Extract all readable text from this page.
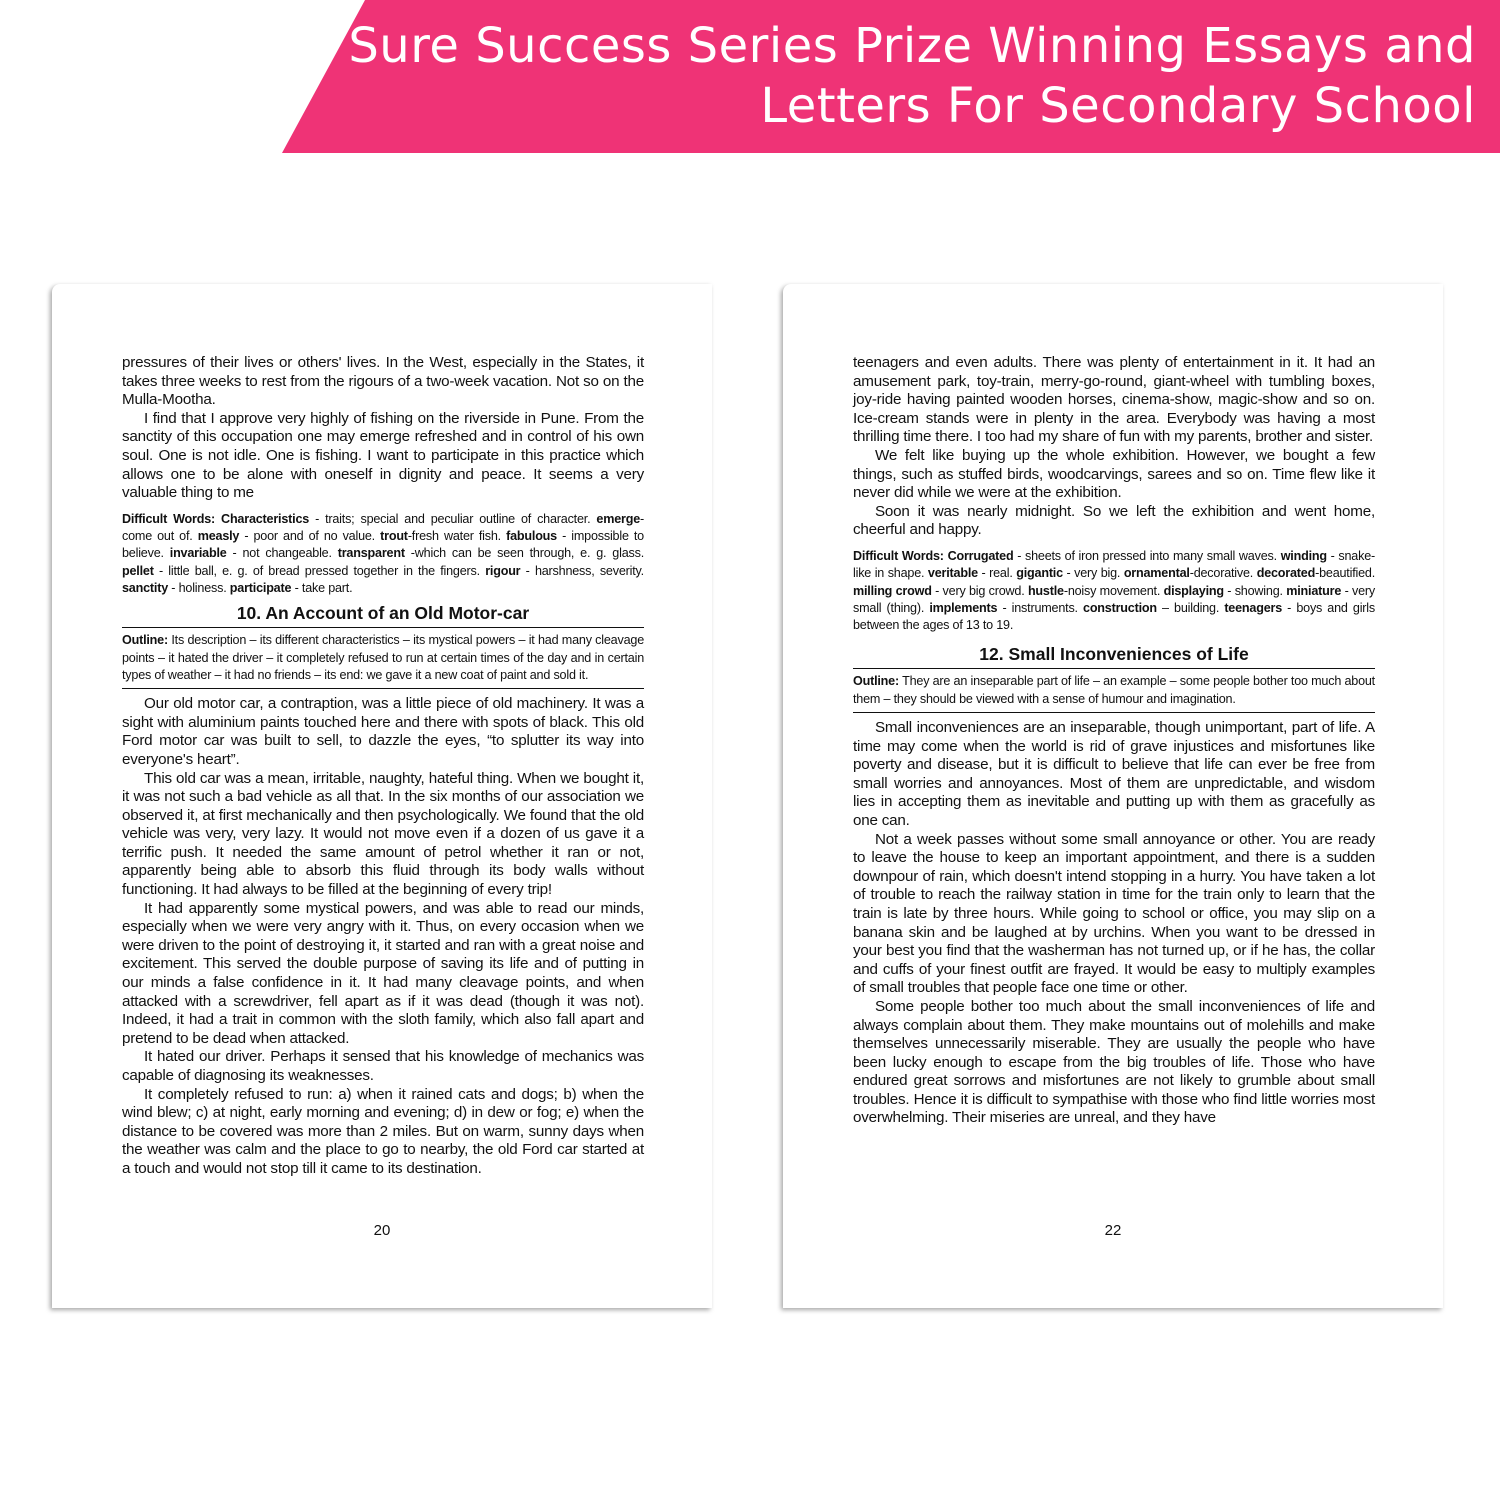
Sure Success Series Prize Winning Essays and
Letters For Secondary School

pressures of their lives or others' lives. In the West, especially in the States, it takes three weeks to rest from the rigours of a two-week vacation. Not so on the Mulla-Mootha.

I find that I approve very highly of fishing on the riverside in Pune. From the sanctity of this occupation one may emerge refreshed and in control of his own soul. One is not idle. One is fishing. I want to participate in this practice which allows one to be alone with oneself in dignity and peace. It seems a very valuable thing to me

Difficult Words: Characteristics - traits; special and peculiar outline of character. emerge-come out of. measly - poor and of no value. trout-fresh water fish. fabulous - impossible to believe. invariable - not changeable. transparent -which can be seen through, e. g. glass. pellet - little ball, e. g. of bread pressed together in the fingers. rigour - harshness, severity. sanctity - holiness. participate - take part.

10. An Account of an Old Motor-car

Outline: Its description – its different characteristics – its mystical powers – it had many cleavage points – it hated the driver – it completely refused to run at certain times of the day and in certain types of weather – it had no friends – its end: we gave it a new coat of paint and sold it.

Our old motor car, a contraption, was a little piece of old machinery. It was a sight with aluminium paints touched here and there with spots of black. This old Ford motor car was built to sell, to dazzle the eyes, “to splutter its way into everyone's heart”.

This old car was a mean, irritable, naughty, hateful thing. When we bought it, it was not such a bad vehicle as all that. In the six months of our association we observed it, at first mechanically and then psychologically. We found that the old vehicle was very, very lazy. It would not move even if a dozen of us gave it a terrific push. It needed the same amount of petrol whether it ran or not, apparently being able to absorb this fluid through its body walls without functioning. It had always to be filled at the beginning of every trip!

It had apparently some mystical powers, and was able to read our minds, especially when we were very angry with it. Thus, on every occasion when we were driven to the point of destroying it, it started and ran with a great noise and excitement. This served the double purpose of saving its life and of putting in our minds a false confidence in it. It had many cleavage points, and when attacked with a screwdriver, fell apart as if it was dead (though it was not). Indeed, it had a trait in common with the sloth family, which also fall apart and pretend to be dead when attacked.

It hated our driver. Perhaps it sensed that his knowledge of mechanics was capable of diagnosing its weaknesses.

It completely refused to run: a) when it rained cats and dogs; b) when the wind blew; c) at night, early morning and evening; d) in dew or fog; e) when the distance to be covered was more than 2 miles. But on warm, sunny days when the weather was calm and the place to go to nearby, the old Ford car started at a touch and would not stop till it came to its destination.

20

teenagers and even adults. There was plenty of entertainment in it. It had an amusement park, toy-train, merry-go-round, giant-wheel with tumbling boxes, joy-ride having painted wooden horses, cinema-show, magic-show and so on. Ice-cream stands were in plenty in the area. Everybody was having a most thrilling time there. I too had my share of fun with my parents, brother and sister.

We felt like buying up the whole exhibition. However, we bought a few things, such as stuffed birds, woodcarvings, sarees and so on. Time flew like it never did while we were at the exhibition.

Soon it was nearly midnight. So we left the exhibition and went home, cheerful and happy.

Difficult Words: Corrugated - sheets of iron pressed into many small waves. winding - snake-like in shape. veritable - real. gigantic - very big. ornamental-decorative. decorated-beautified. milling crowd - very big crowd. hustle-noisy movement. displaying - showing. miniature - very small (thing). implements - instruments. construction – building. teenagers - boys and girls between the ages of 13 to 19.

12. Small Inconveniences of Life

Outline: They are an inseparable part of life – an example – some people bother too much about them – they should be viewed with a sense of humour and imagination.

Small inconveniences are an inseparable, though unimportant, part of life. A time may come when the world is rid of grave injustices and misfortunes like poverty and disease, but it is difficult to believe that life can ever be free from small worries and annoyances. Most of them are unpredictable, and wisdom lies in accepting them as inevitable and putting up with them as gracefully as one can.

Not a week passes without some small annoyance or other. You are ready to leave the house to keep an important appointment, and there is a sudden downpour of rain, which doesn't intend stopping in a hurry. You have taken a lot of trouble to reach the railway station in time for the train only to learn that the train is late by three hours. While going to school or office, you may slip on a banana skin and be laughed at by urchins. When you want to be dressed in your best you find that the washerman has not turned up, or if he has, the collar and cuffs of your finest outfit are frayed. It would be easy to multiply examples of small troubles that people face one time or other.

Some people bother too much about the small inconveniences of life and always complain about them. They make mountains out of molehills and make themselves unnecessarily miserable. They are usually the people who have been lucky enough to escape from the big troubles of life. Those who have endured great sorrows and misfortunes are not likely to grumble about small troubles. Hence it is difficult to sympathise with those who find little worries most overwhelming. Their miseries are unreal, and they have

22
